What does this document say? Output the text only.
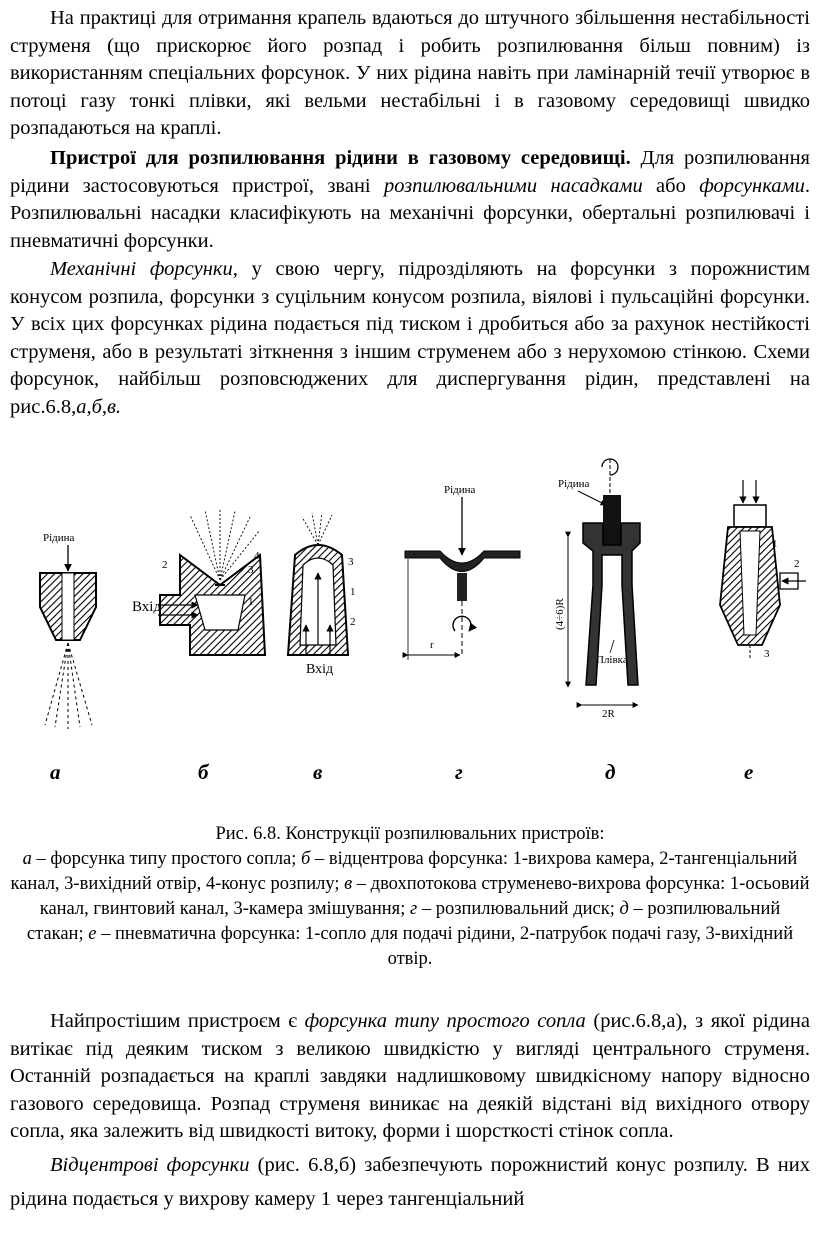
На практиці для отримання крапель вдаються до штучного збільшення нестабільності струменя (що прискорює його розпад і робить розпилювання більш повним) із використанням спеціальних форсунок. У них рідина навіть при ламінарній течії утворює в потоці газу тонкі плівки, які вельми нестабільні і в газовому середовищі швидко розпадаються на краплі.

Пристрої для розпилювання рідини в газовому середовищі. Для розпилювання рідини застосовуються пристрої, звані розпилювальними насадками або форсунками. Розпилювальні насадки класифікують на механічні форсунки, обертальні розпилювачі і пневматичні форсунки.

Механічні форсунки, у свою чергу, підрозділяють на форсунки з порожнистим конусом розпила, форсунки з суцільним конусом розпила, віялові і пульсаційні форсунки. У всіх цих форсунках рідина подається під тиском і дробиться або за рахунок нестійкості струменя, або в результаті зіткнення з іншим струменем або з нерухомою стінкою. Схеми форсунок, найбільш розповсюджених для диспергування рідин, представлені на рис.6.8,а,б,в.

Рідина
Вхід
2	3
4
1
Вхід
3
1
2
Рідина
r
Рідина
(4÷6)R
2R
Плівка
1
2
3
а	б	в	г	д	е
Рис. 6.8. Конструкції розпилювальних пристроїв:
а – форсунка типу простого сопла; б – відцентрова форсунка: 1-вихрова камера, 2-тангенціальний канал, 3-вихідний отвір, 4-конус розпилу; в – двохпотокова струменево-вихрова форсунка: 1-осьовий канал, гвинтовий канал, 3-камера змішування; г – розпилювальний диск; д – розпилювальний стакан; е – пневматична форсунка: 1-сопло для подачі рідини, 2-патрубок подачі газу, 3-вихідний отвір.

Найпростішим пристроєм є форсунка типу простого сопла (рис.6.8,а), з якої рідина витікає під деяким тиском з великою швидкістю у вигляді центрального струменя. Останній розпадається на краплі завдяки надлишковому швидкісному напору відносно газового середовища. Розпад струменя виникає на деякій відстані від вихідного отвору сопла, яка залежить від швидкості витоку, форми і шорсткості стінок сопла.

Відцентрові форсунки (рис. 6.8,б) забезпечують порожнистий конус розпилу. В них рідина подається у вихрову камеру 1 через тангенціальний
